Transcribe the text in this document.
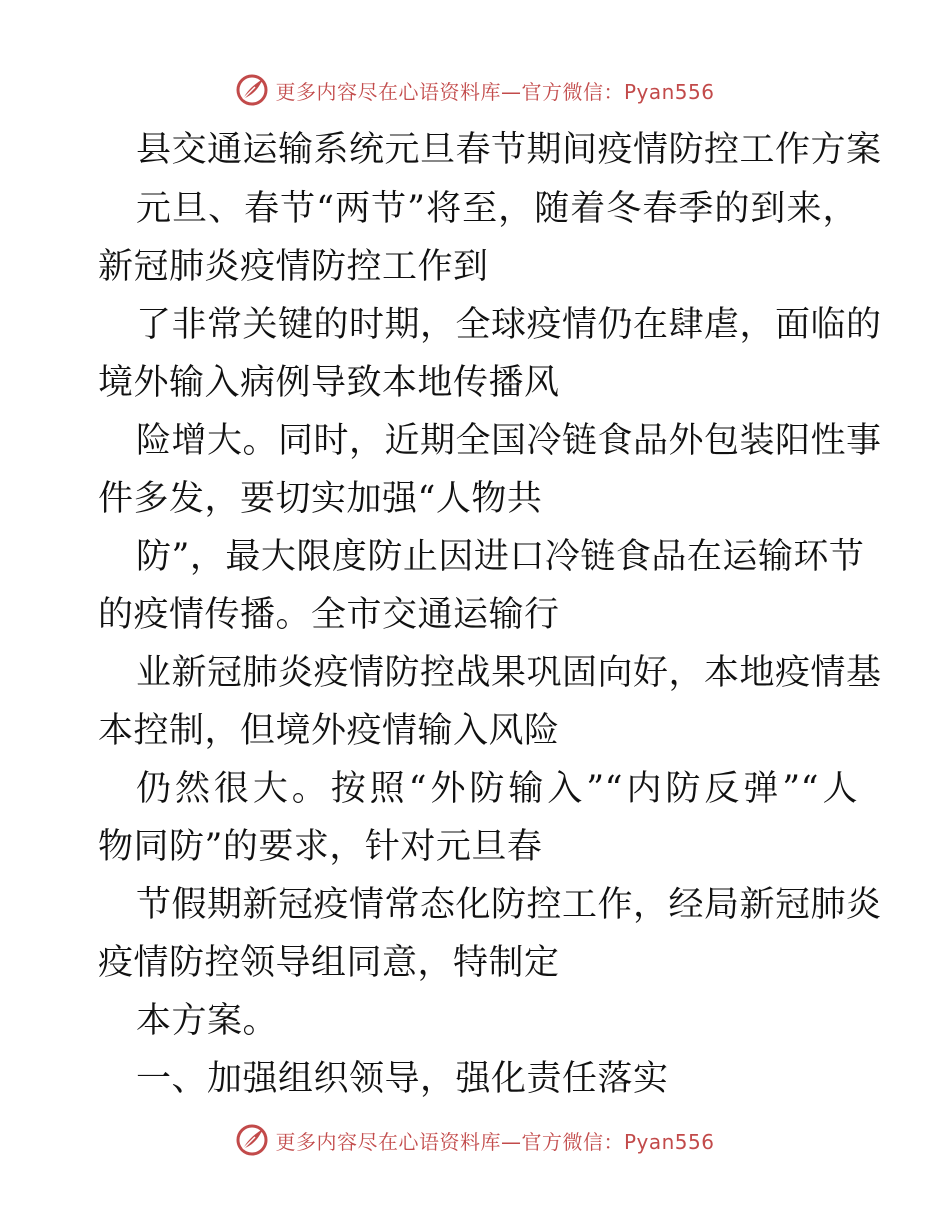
更多内容尽在心语资料库—官方微信：Pyan556
县交通运输系统元旦春节期间疫情防控工作方案
元旦、春节“两节”将至，随着冬春季的到来，
新冠肺炎疫情防控工作到
了非常关键的时期，全球疫情仍在肆虐，面临的
境外输入病例导致本地传播风
险增大。同时，近期全国冷链食品外包装阳性事
件多发，要切实加强“人物共
防”，最大限度防止因进口冷链食品在运输环节
的疫情传播。全市交通运输行
业新冠肺炎疫情防控战果巩固向好，本地疫情基
本控制，但境外疫情输入风险
仍然很大。按照“外防输入”“内防反弹”“人
物同防”的要求，针对元旦春
节假期新冠疫情常态化防控工作，经局新冠肺炎
疫情防控领导组同意，特制定
本方案。
一、加强组织领导，强化责任落实
更多内容尽在心语资料库—官方微信：Pyan556
